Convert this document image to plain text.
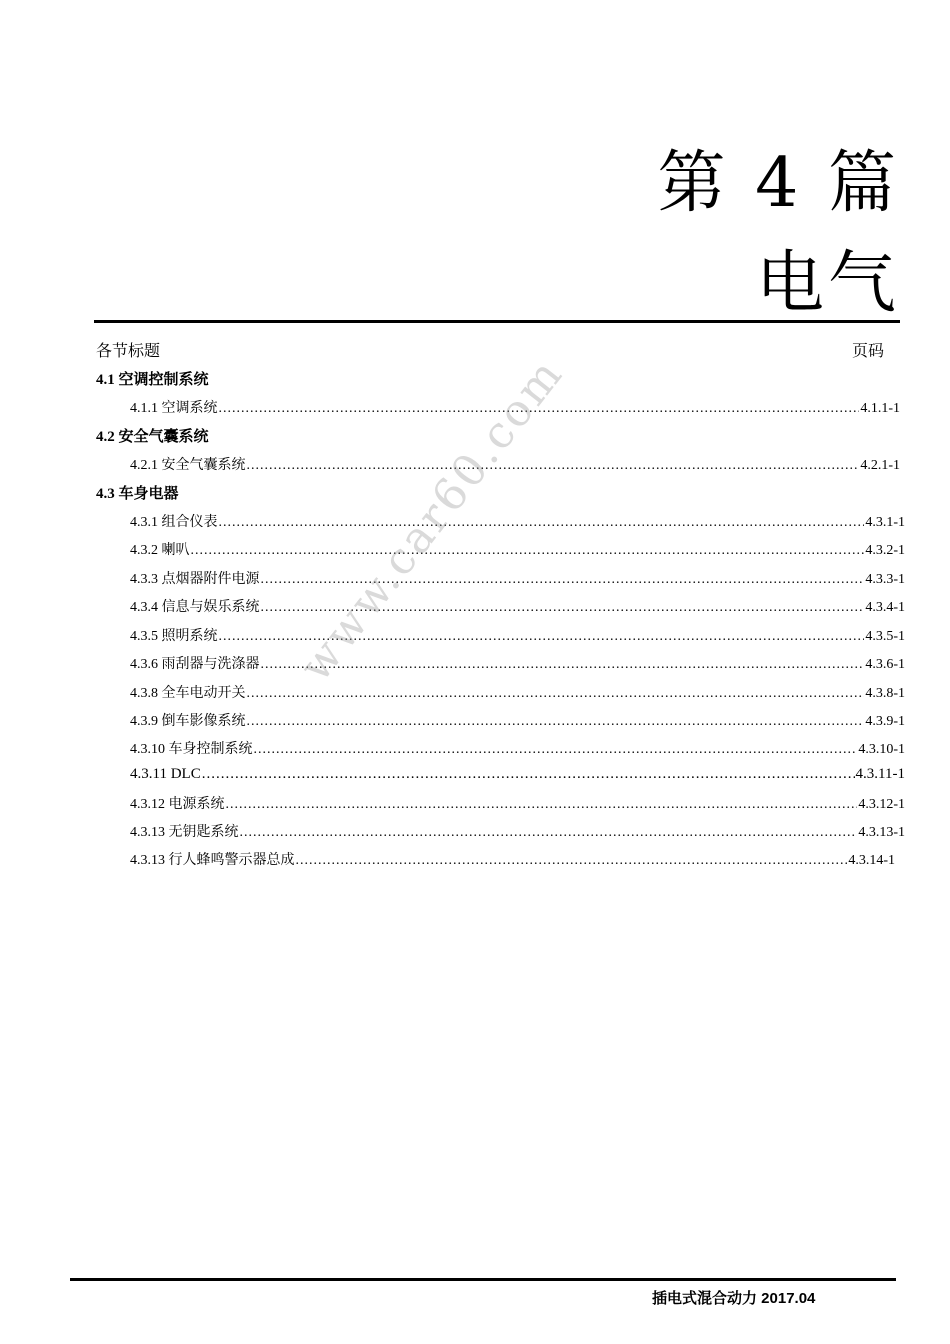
第 4 篇
电气
各节标题	页码
4.1 空调控制系统
4.1.1 空调系统 .....	4.1.1-1
4.2 安全气囊系统
4.2.1 安全气囊系统 .....	4.2.1-1
4.3 车身电器
4.3.1 组合仪表 .....	4.3.1-1
4.3.2 喇叭 .....	4.3.2-1
4.3.3 点烟器附件电源 .....	4.3.3-1
4.3.4 信息与娱乐系统 .....	4.3.4-1
4.3.5 照明系统 .....	4.3.5-1
4.3.6 雨刮器与洗涤器 .....	4.3.6-1
4.3.8 全车电动开关 .....	4.3.8-1
4.3.9 倒车影像系统 .....	4.3.9-1
4.3.10 车身控制系统 .....	4.3.10-1
4.3.11 DLC .....	4.3.11-1
4.3.12 电源系统 .....	4.3.12-1
4.3.13 无钥匙系统 .....	4.3.13-1
4.3.13 行人蜂鸣警示器总成 .....	4.3.14-1
www.car60.com
插电式混合动力 2017.04
